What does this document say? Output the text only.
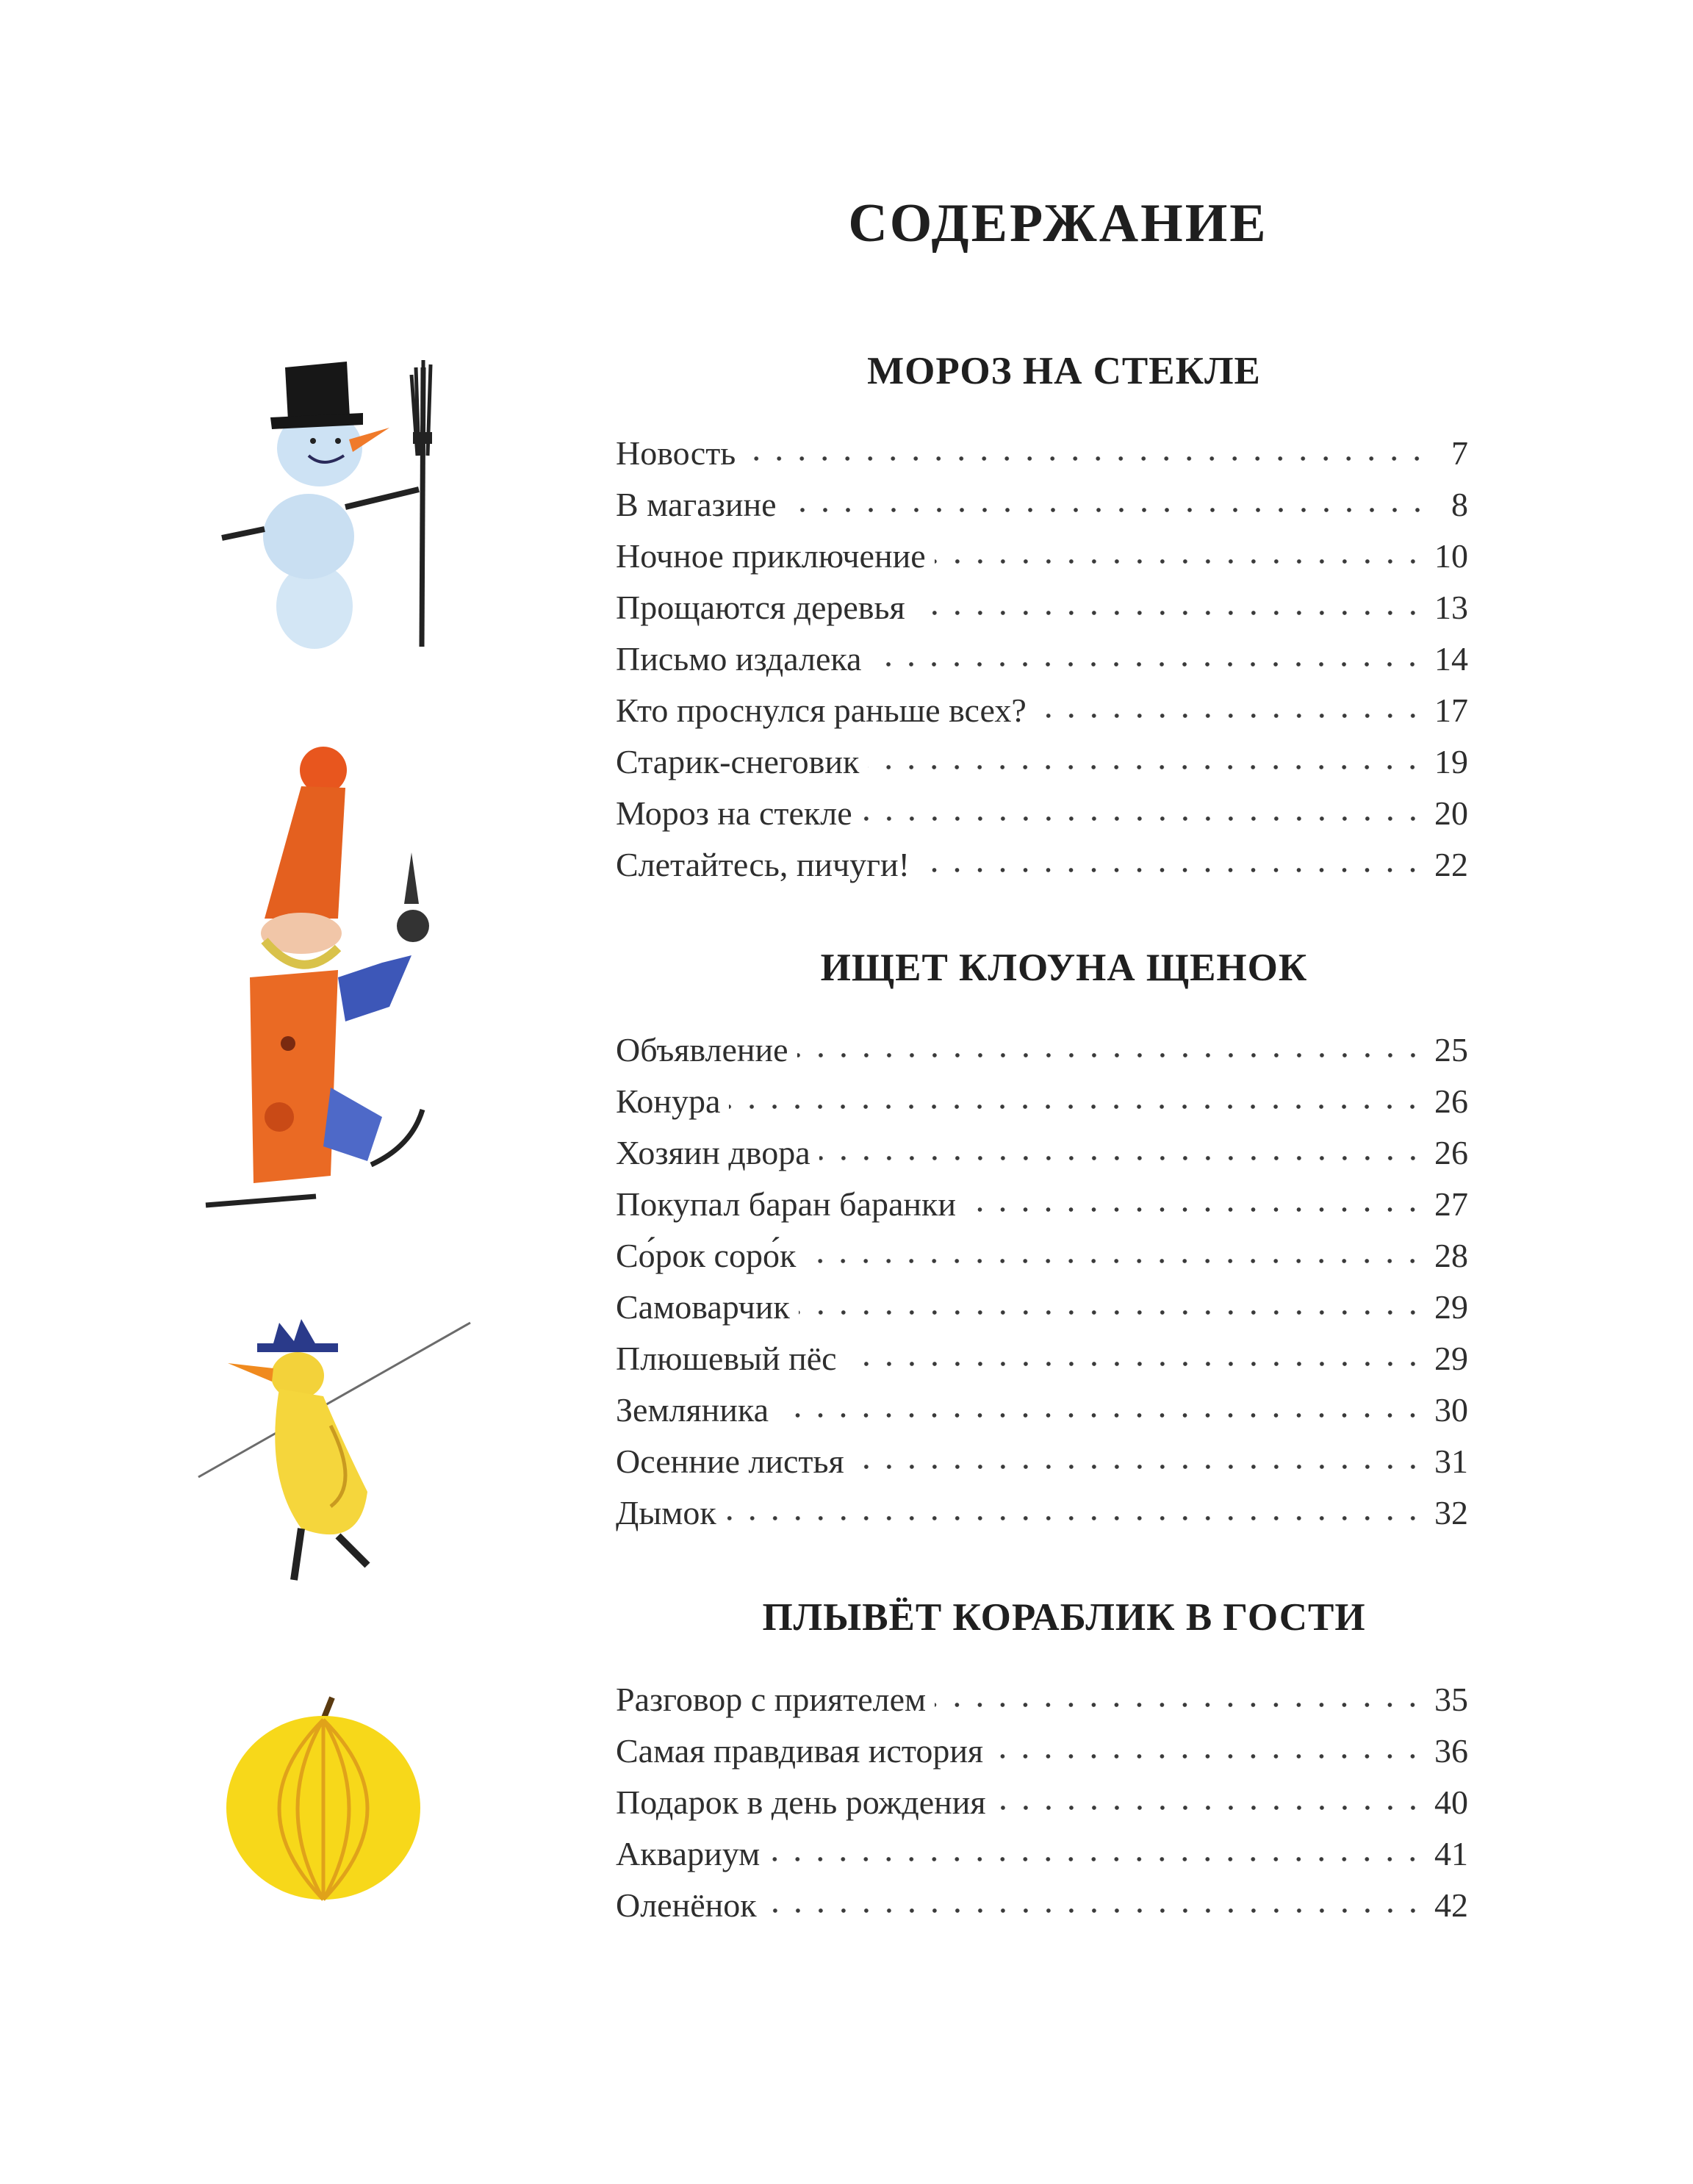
СОДЕРЖАНИЕ
МОРОЗ НА СТЕКЛЕ
Новость	7
В магазине	8
Ночное приключение	10
Прощаются деревья	13
Письмо издалека	14
Кто проснулся раньше всех?	17
Старик-снеговик	19
Мороз на стекле	20
Слетайтесь, пичуги!	22
ИЩЕТ КЛОУНА ЩЕНОК
Объявление	25
Конура	26
Хозяин двора	26
Покупал баран баранки	27
Со́рок соро́к	28
Самоварчик	29
Плюшевый пёс	29
Земляника	30
Осенние листья	31
Дымок	32
ПЛЫВЁТ КОРАБЛИК В ГОСТИ
Разговор с приятелем	35
Самая правдивая история	36
Подарок в день рождения	40
Аквариум	41
Оленёнок	42
